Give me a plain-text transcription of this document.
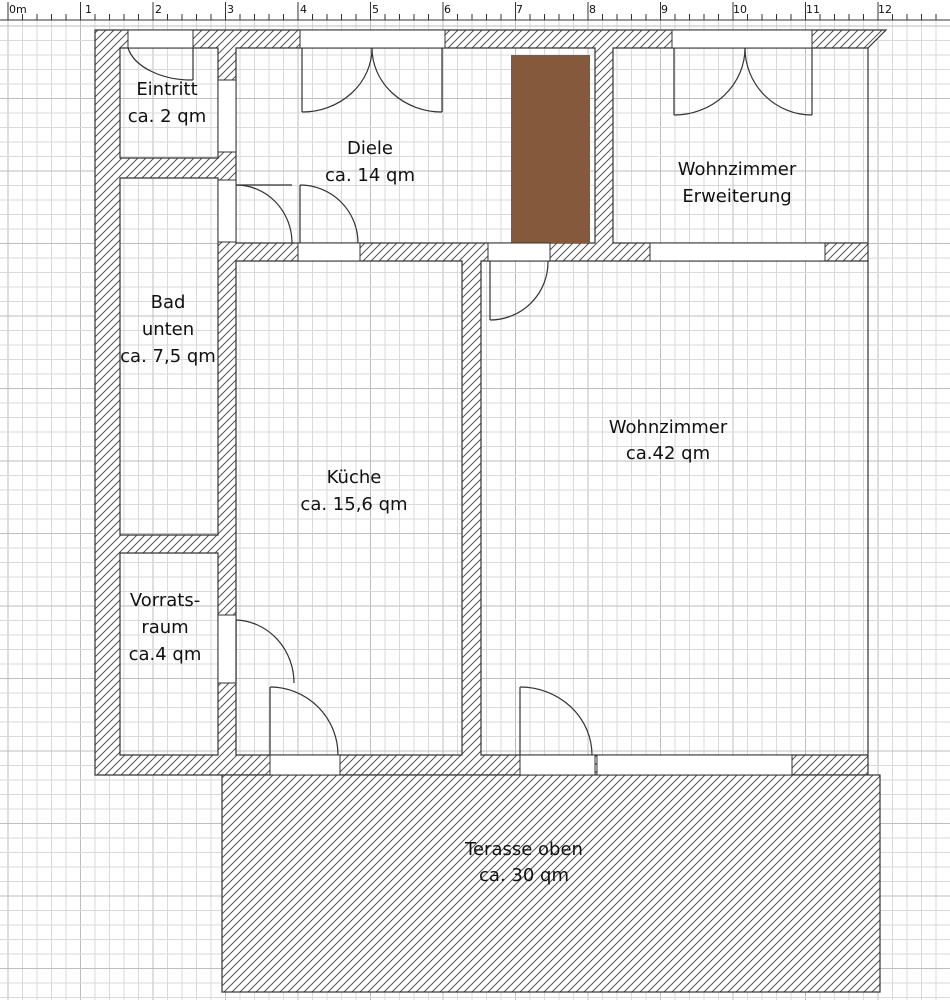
0m	1	2	3	4	5	6	7	8	9	10	11	12
Eintritt
ca. 2 qm
Diele
ca. 14 qm	Wohnzimmer
Erweiterung
Bad
unten
ca. 7,5 qm
Küche
ca. 15,6 qm
Wohnzimmer
ca.42 qm
Vorrats-
raum
ca.4 qm
Terasse oben
ca. 30 qm
